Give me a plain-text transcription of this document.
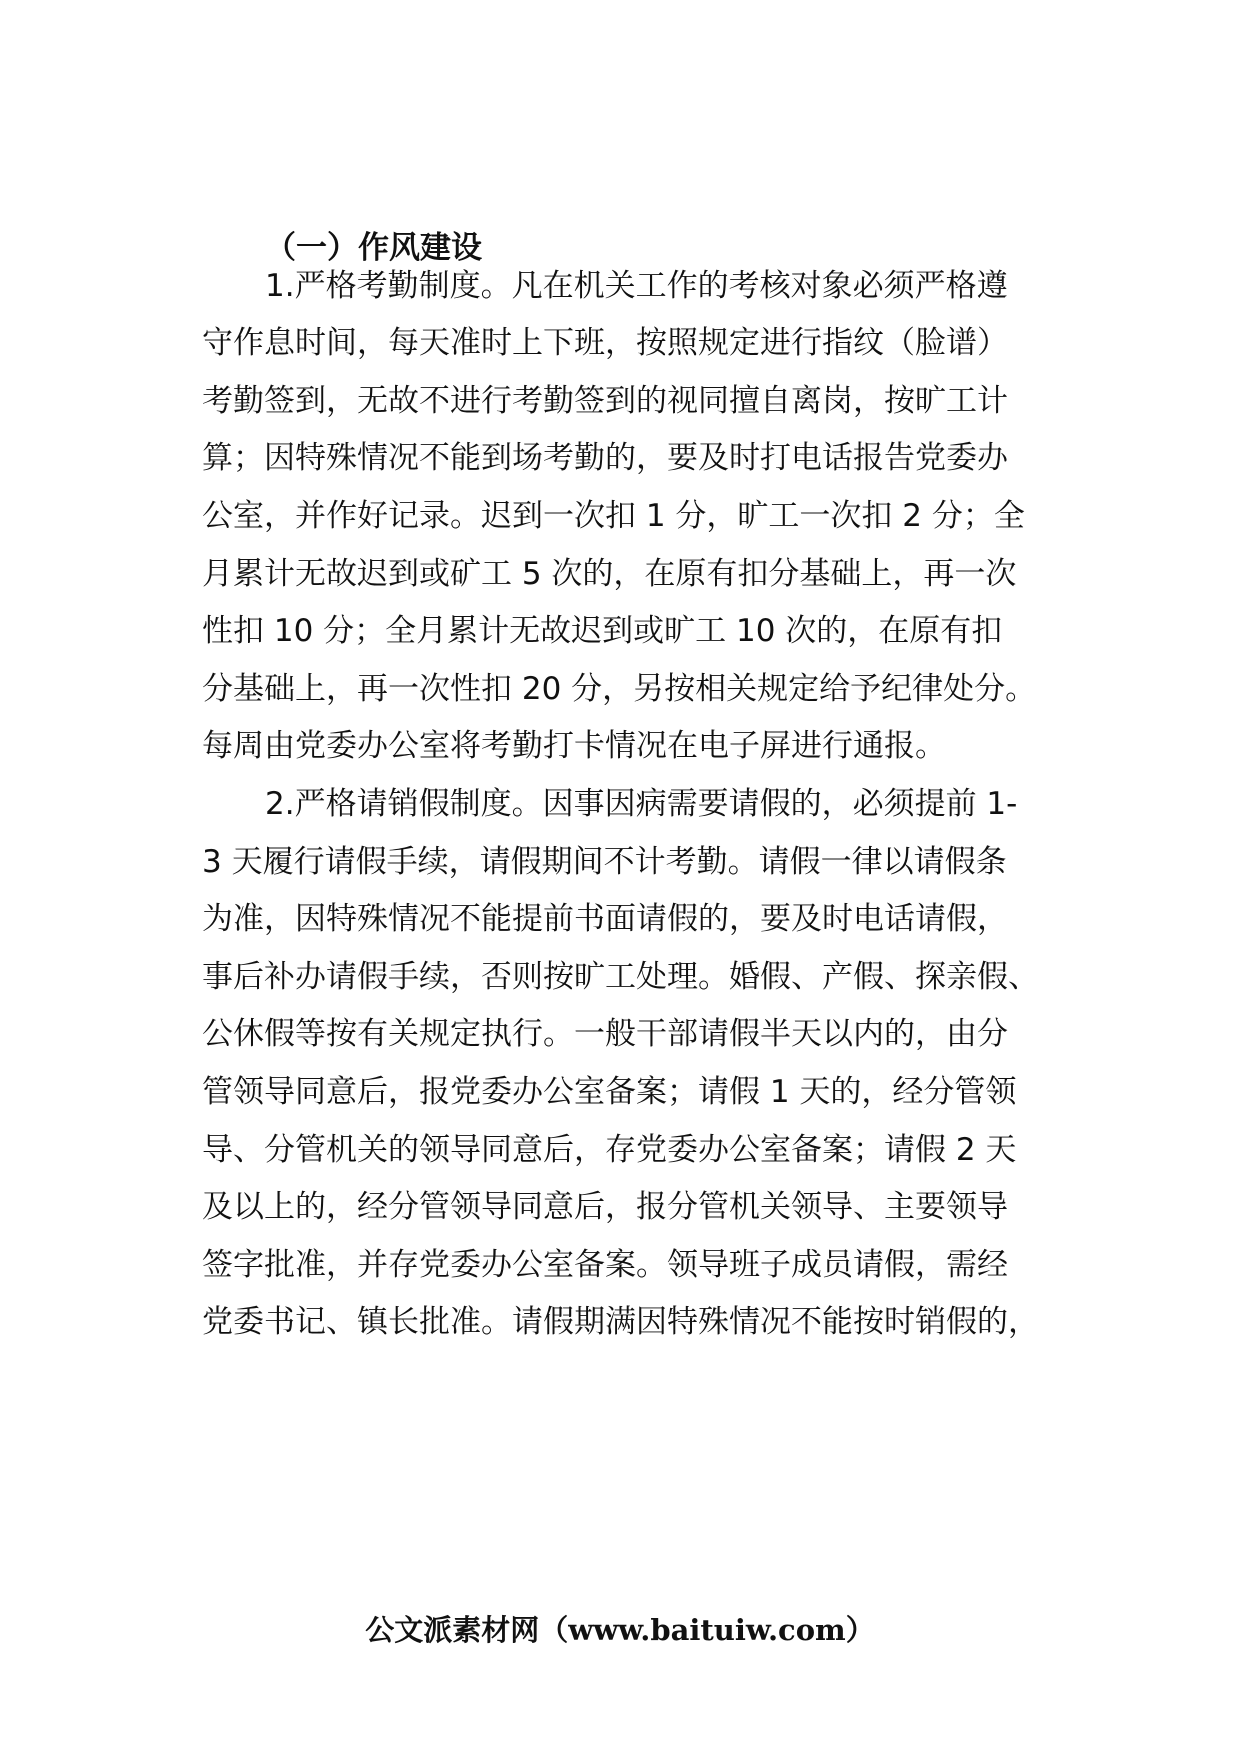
（一）作风建设
1.严格考勤制度。凡在机关工作的考核对象必须严格遵
守作息时间，每天准时上下班，按照规定进行指纹（脸谱）
考勤签到，无故不进行考勤签到的视同擅自离岗，按旷工计
算；因特殊情况不能到场考勤的，要及时打电话报告党委办
公室，并作好记录。迟到一次扣 1 分，旷工一次扣 2 分；全
月累计无故迟到或矿工 5 次的，在原有扣分基础上，再一次
性扣 10 分；全月累计无故迟到或旷工 10 次的，在原有扣
分基础上，再一次性扣 20 分，另按相关规定给予纪律处分。
每周由党委办公室将考勤打卡情况在电子屏进行通报。
2.严格请销假制度。因事因病需要请假的，必须提前 1-
3 天履行请假手续，请假期间不计考勤。请假一律以请假条
为准，因特殊情况不能提前书面请假的，要及时电话请假，
事后补办请假手续，否则按旷工处理。婚假、产假、探亲假、
公休假等按有关规定执行。一般干部请假半天以内的，由分
管领导同意后，报党委办公室备案；请假 1 天的，经分管领
导、分管机关的领导同意后，存党委办公室备案；请假 2 天
及以上的，经分管领导同意后，报分管机关领导、主要领导
签字批准，并存党委办公室备案。领导班子成员请假，需经
党委书记、镇长批准。请假期满因特殊情况不能按时销假的，
公文派素材网（www.baituiw.com）
